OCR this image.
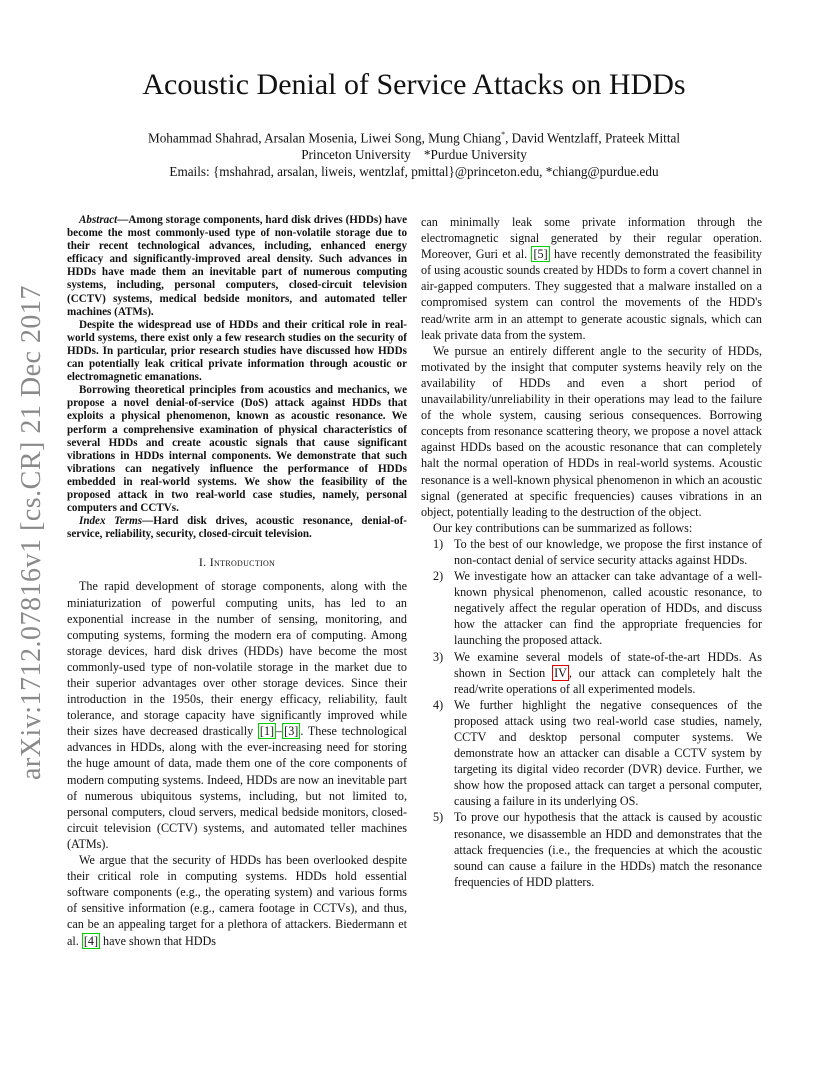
arXiv:1712.07816v1 [cs.CR] 21 Dec 2017
Acoustic Denial of Service Attacks on HDDs
Mohammad Shahrad, Arsalan Mosenia, Liwei Song, Mung Chiang*, David Wentzlaff, Prateek Mittal
Princeton University    *Purdue University
Emails: {mshahrad, arsalan, liweis, wentzlaf, pmittal}@princeton.edu, *chiang@purdue.edu

Abstract—Among storage components, hard disk drives (HDDs) have become the most commonly-used type of non-volatile storage due to their recent technological advances, including, enhanced energy efficacy and significantly-improved areal density. Such advances in HDDs have made them an inevitable part of numerous computing systems, including, personal computers, closed-circuit television (CCTV) systems, medical bedside monitors, and automated teller machines (ATMs).

Despite the widespread use of HDDs and their critical role in real-world systems, there exist only a few research studies on the security of HDDs. In particular, prior research studies have discussed how HDDs can potentially leak critical private information through acoustic or electromagnetic emanations.

Borrowing theoretical principles from acoustics and mechanics, we propose a novel denial-of-service (DoS) attack against HDDs that exploits a physical phenomenon, known as acoustic resonance. We perform a comprehensive examination of physical characteristics of several HDDs and create acoustic signals that cause significant vibrations in HDDs internal components. We demonstrate that such vibrations can negatively influence the performance of HDDs embedded in real-world systems. We show the feasibility of the proposed attack in two real-world case studies, namely, personal computers and CCTVs.

Index Terms—Hard disk drives, acoustic resonance, denial-of-service, reliability, security, closed-circuit television.

I. Introduction

The rapid development of storage components, along with the miniaturization of powerful computing units, has led to an exponential increase in the number of sensing, monitoring, and computing systems, forming the modern era of computing. Among storage devices, hard disk drives (HDDs) have become the most commonly-used type of non-volatile storage in the market due to their superior advantages over other storage devices. Since their introduction in the 1950s, their energy efficacy, reliability, fault tolerance, and storage capacity have significantly improved while their sizes have decreased drastically [1] – [3] . These technological advances in HDDs, along with the ever-increasing need for storing the huge amount of data, made them one of the core components of modern computing systems. Indeed, HDDs are now an inevitable part of numerous ubiquitous systems, including, but not limited to, personal computers, cloud servers, medical bedside monitors, closed-circuit television (CCTV) systems, and automated teller machines (ATMs).

We argue that the security of HDDs has been overlooked despite their critical role in computing systems. HDDs hold essential software components (e.g., the operating system) and various forms of sensitive information (e.g., camera footage in CCTVs), and thus, can be an appealing target for a plethora of attackers. Biedermann et al. [4] have shown that HDDs

can minimally leak some private information through the electromagnetic signal generated by their regular operation. Moreover, Guri et al. [5] have recently demonstrated the feasibility of using acoustic sounds created by HDDs to form a covert channel in air-gapped computers. They suggested that a malware installed on a compromised system can control the movements of the HDD's read/write arm in an attempt to generate acoustic signals, which can leak private data from the system.

We pursue an entirely different angle to the security of HDDs, motivated by the insight that computer systems heavily rely on the availability of HDDs and even a short period of unavailability/unreliability in their operations may lead to the failure of the whole system, causing serious consequences. Borrowing concepts from resonance scattering theory, we propose a novel attack against HDDs based on the acoustic resonance that can completely halt the normal operation of HDDs in real-world systems. Acoustic resonance is a well-known physical phenomenon in which an acoustic signal (generated at specific frequencies) causes vibrations in an object, potentially leading to the destruction of the object.

Our key contributions can be summarized as follows:

1) To the best of our knowledge, we propose the first instance of non-contact denial of service security attacks against HDDs.
2) We investigate how an attacker can take advantage of a well-known physical phenomenon, called acoustic resonance, to negatively affect the regular operation of HDDs, and discuss how the attacker can find the appropriate frequencies for launching the proposed attack.
3) We examine several models of state-of-the-art HDDs. As shown in Section IV , our attack can completely halt the read/write operations of all experimented models.
4) We further highlight the negative consequences of the proposed attack using two real-world case studies, namely, CCTV and desktop personal computer systems. We demonstrate how an attacker can disable a CCTV system by targeting its digital video recorder (DVR) device. Further, we show how the proposed attack can target a personal computer, causing a failure in its underlying OS.
5) To prove our hypothesis that the attack is caused by acoustic resonance, we disassemble an HDD and demonstrates that the attack frequencies (i.e., the frequencies at which the acoustic sound can cause a failure in the HDDs) match the resonance frequencies of HDD platters.
